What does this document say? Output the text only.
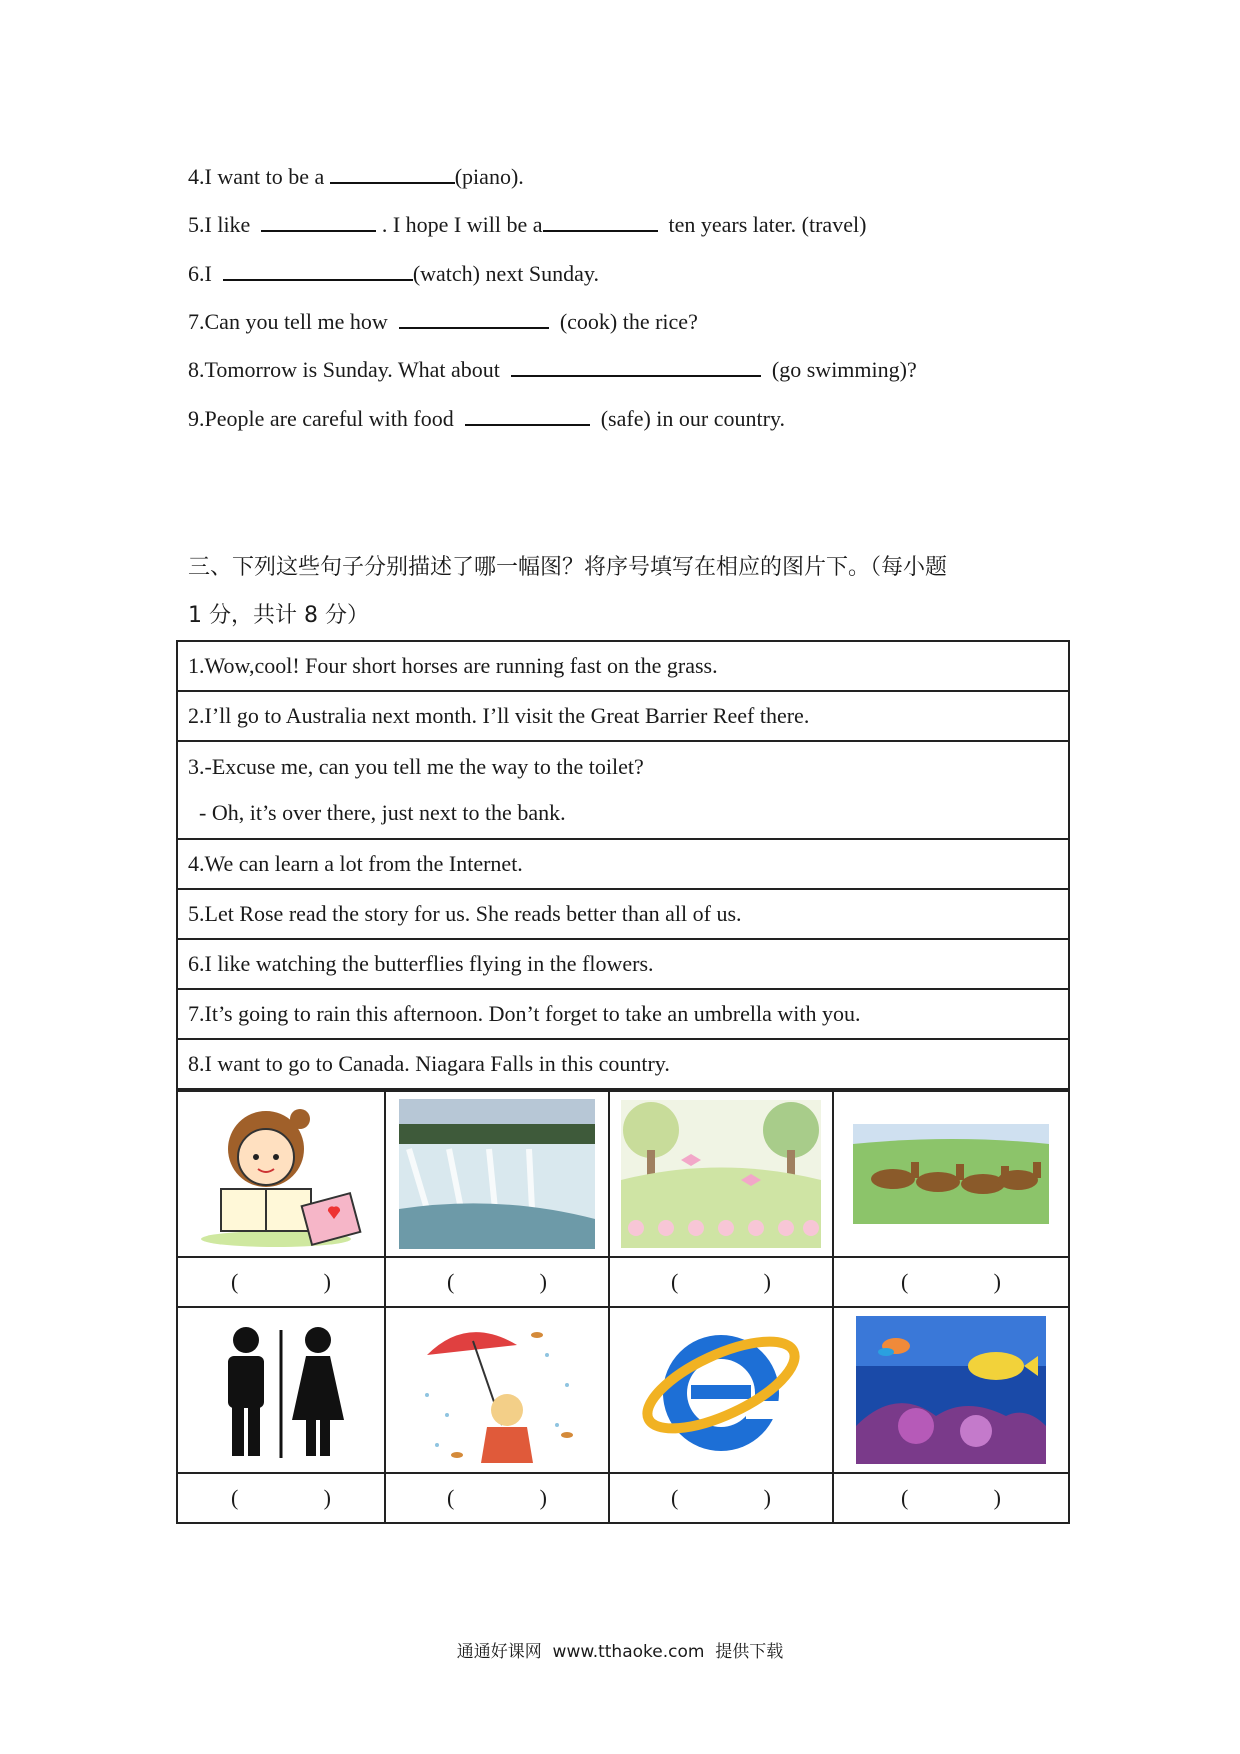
4.I want to be a	(piano).
5.I like	. I hope I will be a	ten years later. (travel)
6.I	(watch) next Sunday.
7.Can you tell me how	(cook) the rice?
8.Tomorrow is Sunday. What about	(go swimming)?
9.People are careful with food	(safe) in our country.
三、下列这些句子分别描述了哪一幅图？将序号填写在相应的图片下。（每小题
1 分，共计 8 分）
1.Wow,cool! Four short horses are running fast on the grass.
2.I’ll go to Australia next month. I’ll visit the Great Barrier Reef there.

3.-Excuse me, can you tell me the way to the toilet?
- Oh, it’s over there, just next to the bank.

4.We can learn a lot from the Internet.
5.Let Rose read the story for us. She reads better than all of us.
6.I like watching the butterflies flying in the flowers.
7.It’s going to rain this afternoon. Don’t forget to take an umbrella with you.
8.I want to go to Canada. Niagara Falls in this country.

( )	( )	( )	( )

( )	( )	( )	( )
通通好课网  www.tthaoke.com  提供下载
